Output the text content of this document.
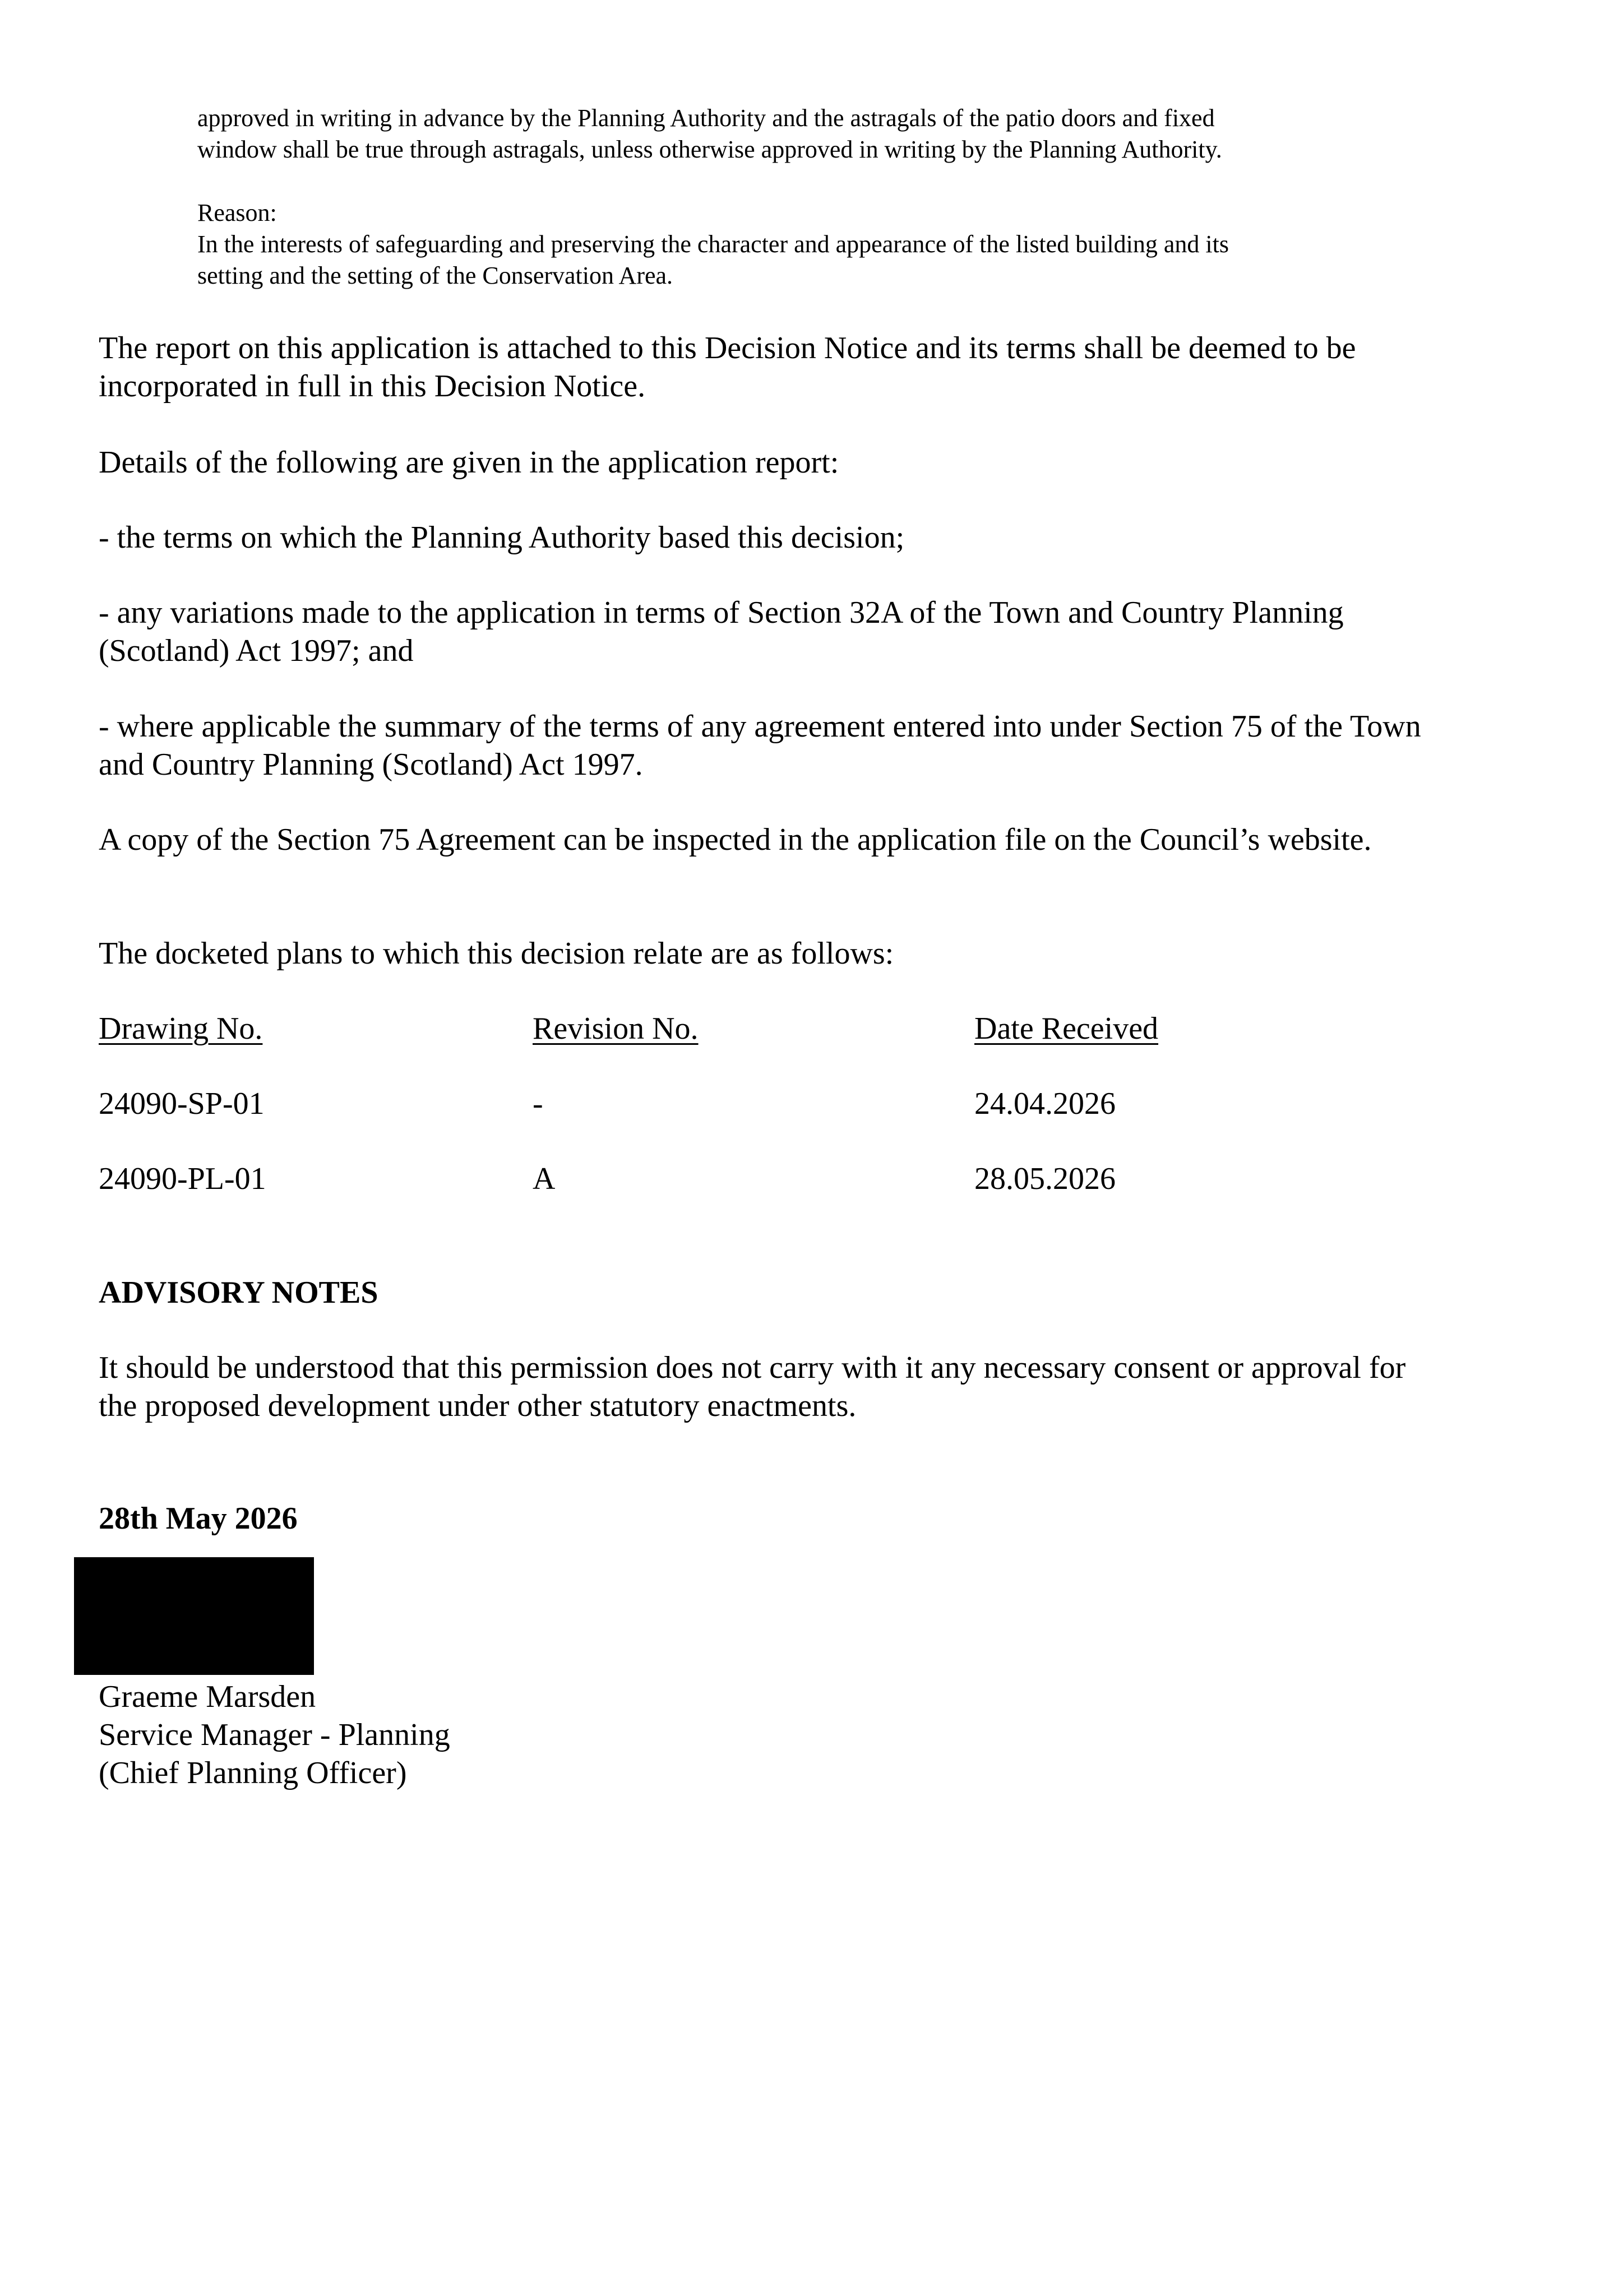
approved in writing in advance by the Planning Authority and the astragals of the patio doors and fixed
window shall be true through astragals, unless otherwise approved in writing by the Planning Authority.
Reason:
In the interests of safeguarding and preserving the character and appearance of the listed building and its
setting and the setting of the Conservation Area.
The report on this application is attached to this Decision Notice and its terms shall be deemed to be incorporated in full in this Decision Notice.
Details of the following are given in the application report:
- the terms on which the Planning Authority based this decision;
- any variations made to the application in terms of Section 32A of the Town and Country Planning (Scotland) Act 1997; and
- where applicable the summary of the terms of any agreement entered into under Section 75 of the Town and Country Planning (Scotland) Act 1997.
A copy of the Section 75 Agreement can be inspected in the application file on the Council’s website.
The docketed plans to which this decision relate are as follows:
Drawing No.	Revision No.	Date Received
24090-SP-01	-	24.04.2026
24090-PL-01	A	28.05.2026
ADVISORY NOTES
It should be understood that this permission does not carry with it any necessary consent or approval for the proposed development under other statutory enactments.
28th May 2026
Graeme Marsden
Service Manager - Planning
(Chief Planning Officer)
